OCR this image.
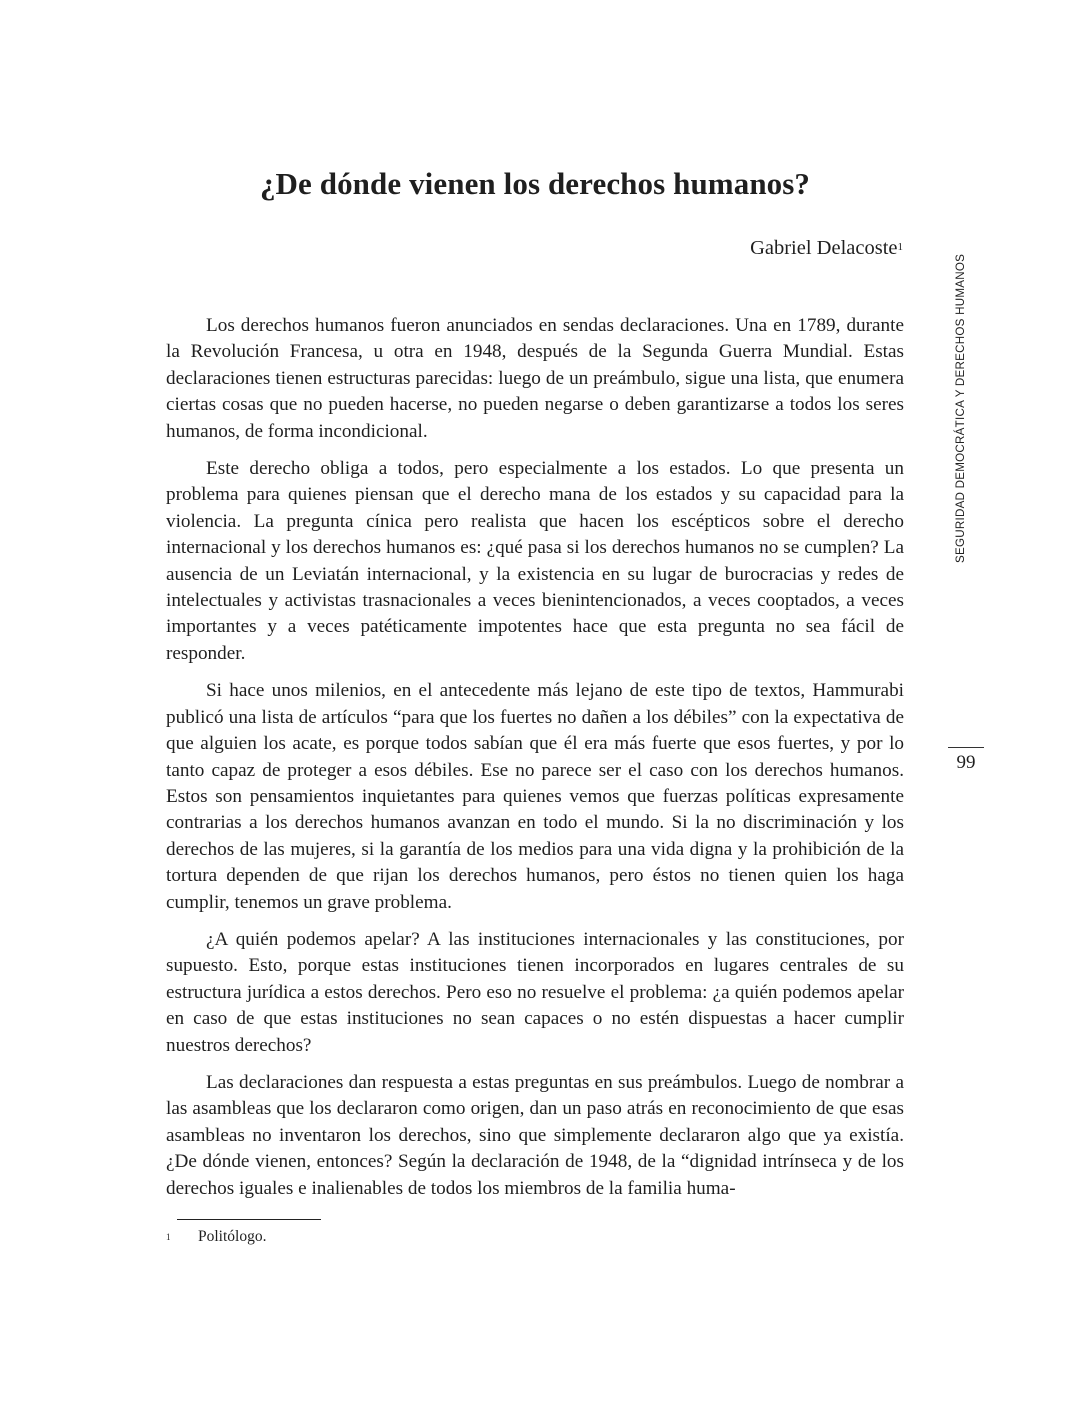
¿De dónde vienen los derechos humanos?
Gabriel Delacoste$^1$
SEGURIDAD DEMOCRÁTICA Y DERECHOS HUMANOS
99

Los derechos humanos fueron anunciados en sendas declaraciones. Una en 1789, durante la Revolución Francesa, u otra en 1948, después de la Segunda Guerra Mundial. Estas declaraciones tienen estructuras parecidas: luego de un preámbulo, sigue una lista, que enumera ciertas cosas que no pueden hacerse, no pueden negarse o deben garantizarse a todos los seres humanos, de forma incondicional.

Este derecho obliga a todos, pero especialmente a los estados. Lo que presenta un problema para quienes piensan que el derecho mana de los estados y su capacidad para la violencia. La pregunta cínica pero realista que hacen los escépticos sobre el derecho internacional y los derechos humanos es: ¿qué pasa si los derechos humanos no se cumplen? La ausencia de un Leviatán internacional, y la existencia en su lugar de burocracias y redes de intelectuales y activistas trasnacionales a veces bienintencionados, a veces cooptados, a veces importantes y a veces patéticamente impotentes hace que esta pregunta no sea fácil de responder.

Si hace unos milenios, en el antecedente más lejano de este tipo de textos, Hammurabi publicó una lista de artículos “para que los fuertes no dañen a los débiles” con la expectativa de que alguien los acate, es porque todos sabían que él era más fuerte que esos fuertes, y por lo tanto capaz de proteger a esos débiles. Ese no parece ser el caso con los derechos humanos. Estos son pensamientos inquietantes para quienes vemos que fuerzas políticas expresamente contrarias a los derechos humanos avanzan en todo el mundo. Si la no discriminación y los derechos de las mujeres, si la garantía de los medios para una vida digna y la prohibición de la tortura dependen de que rijan los derechos humanos, pero éstos no tienen quien los haga cumplir, tenemos un grave problema.

¿A quién podemos apelar? A las instituciones internacionales y las constituciones, por supuesto. Esto, porque estas instituciones tienen incorporados en lugares centrales de su estructura jurídica a estos derechos. Pero eso no resuelve el problema: ¿a quién podemos apelar en caso de que estas instituciones no sean capaces o no estén dispuestas a hacer cumplir nuestros derechos?

Las declaraciones dan respuesta a estas preguntas en sus preámbulos. Luego de nombrar a las asambleas que los declararon como origen, dan un paso atrás en reconocimiento de que esas asambleas no inventaron los derechos, sino que simplemente declararon algo que ya existía. ¿De dónde vienen, entonces? Según la declaración de 1948, de la “dignidad intrínseca y de los derechos iguales e inalienables de todos los miembros de la familia huma-

1 Politólogo.
